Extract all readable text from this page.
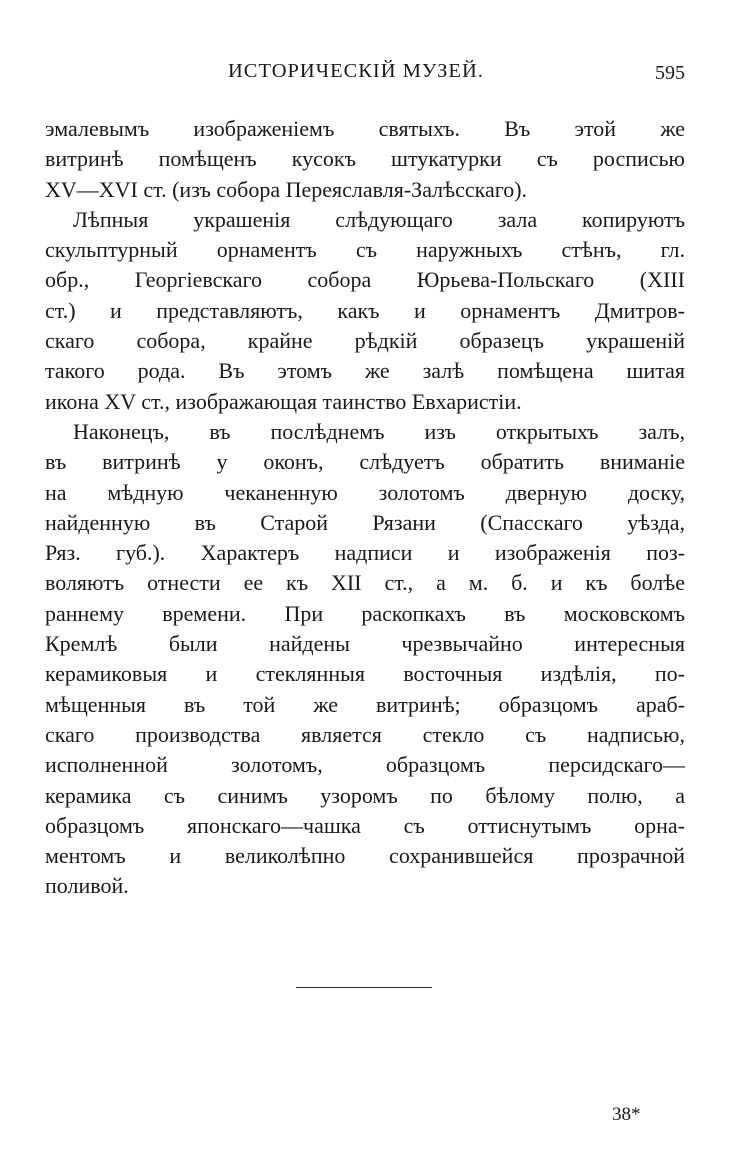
ИСТОРИЧЕСКIЙ МУЗЕЙ.	595
эмалевымъ изображенiемъ святыхъ. Въ этой же
витринѣ помѣщенъ кусокъ штукатурки съ росписью
XV—XVI ст. (изъ собора Переяславля-Залѣсскаго).
Лѣпныя украшенiя слѣдующаго зала копируютъ
скульптурный орнаментъ съ наружныхъ стѣнъ, гл.
обр., Георгiевскаго собора Юрьева-Польскаго (XIII
ст.) и представляютъ, какъ и орнаментъ Дмитров-
скаго собора, крайне рѣдкiй образецъ украшенiй
такого рода. Въ этомъ же залѣ помѣщена шитая
икона XV ст., изображающая таинство Евхаристiи.
Наконецъ, въ послѣднемъ изъ открытыхъ залъ,
въ витринѣ у оконъ, слѣдуетъ обратить вниманiе
на мѣдную чеканенную золотомъ дверную доску,
найденную въ Старой Рязани (Спасскаго уѣзда,
Ряз. губ.). Характеръ надписи и изображенiя поз-
воляютъ отнести ее къ XII ст., а м. б. и къ болѣе
раннему времени. При раскопкахъ въ московскомъ
Кремлѣ были найдены чрезвычайно интересныя
керамиковыя и стеклянныя восточныя издѣлiя, по-
мѣщенныя въ той же витринѣ; образцомъ араб-
скаго производства является стекло съ надписью,
исполненной золотомъ, образцомъ персидскаго—
керамика съ синимъ узоромъ по бѣлому полю, а
образцомъ японскаго—чашка съ оттиснутымъ орна-
ментомъ и великолѣпно сохранившейся прозрачной
поливой.
38*
